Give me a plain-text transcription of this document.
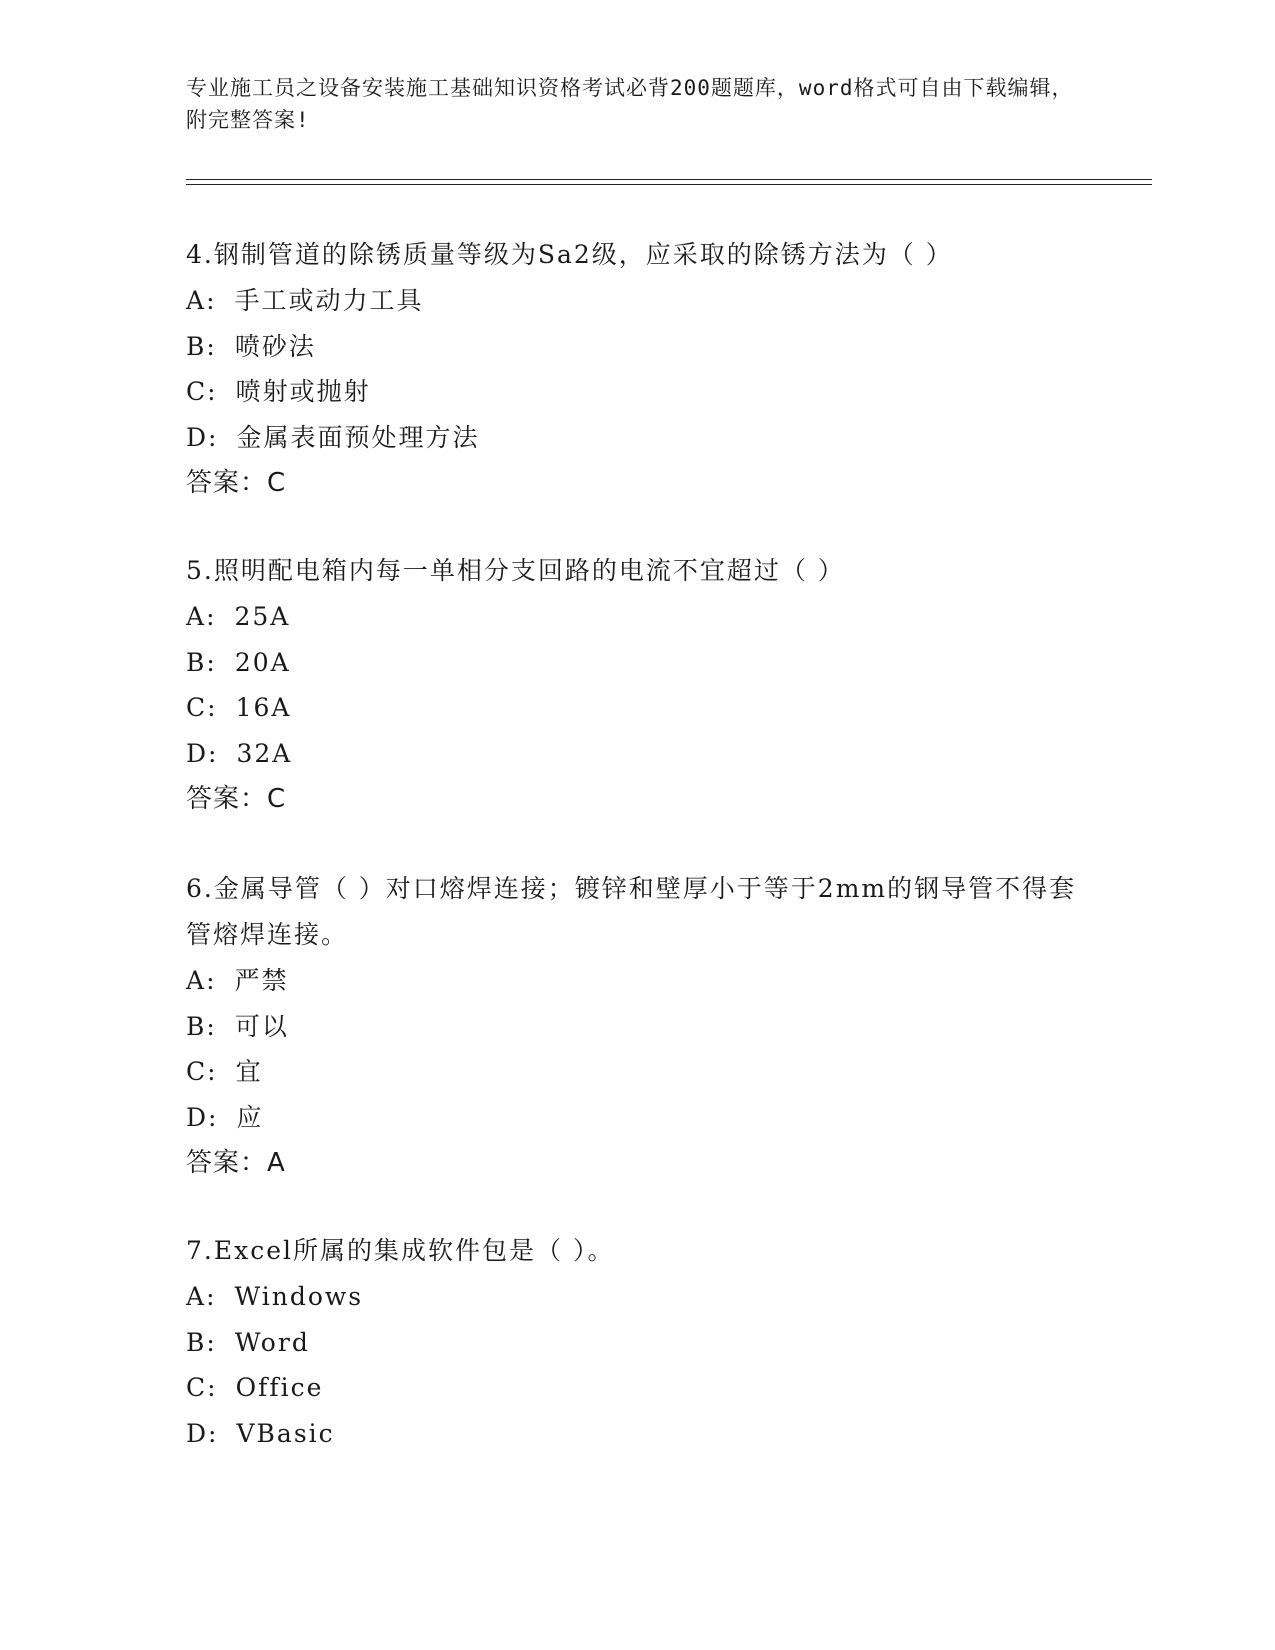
专业施工员之设备安装施工基础知识资格考试必背200题题库，word格式可自由下载编辑，附完整答案!

4.钢制管道的除锈质量等级为Sa2级，应采取的除锈方法为（ ）

A: 手工或动力工具

B: 喷砂法

C: 喷射或抛射

D: 金属表面预处理方法

答案：C

5.照明配电箱内每一单相分支回路的电流不宜超过（ ）

A: 25A

B: 20A

C: 16A

D: 32A

答案：C

6.金属导管（ ）对口熔焊连接；镀锌和壁厚小于等于2mm的钢导管不得套管熔焊连接。

A: 严禁

B: 可以

C: 宜

D: 应

答案：A

7.Excel所属的集成软件包是（ ）。

A: Windows

B: Word

C: Office

D: VBasic
